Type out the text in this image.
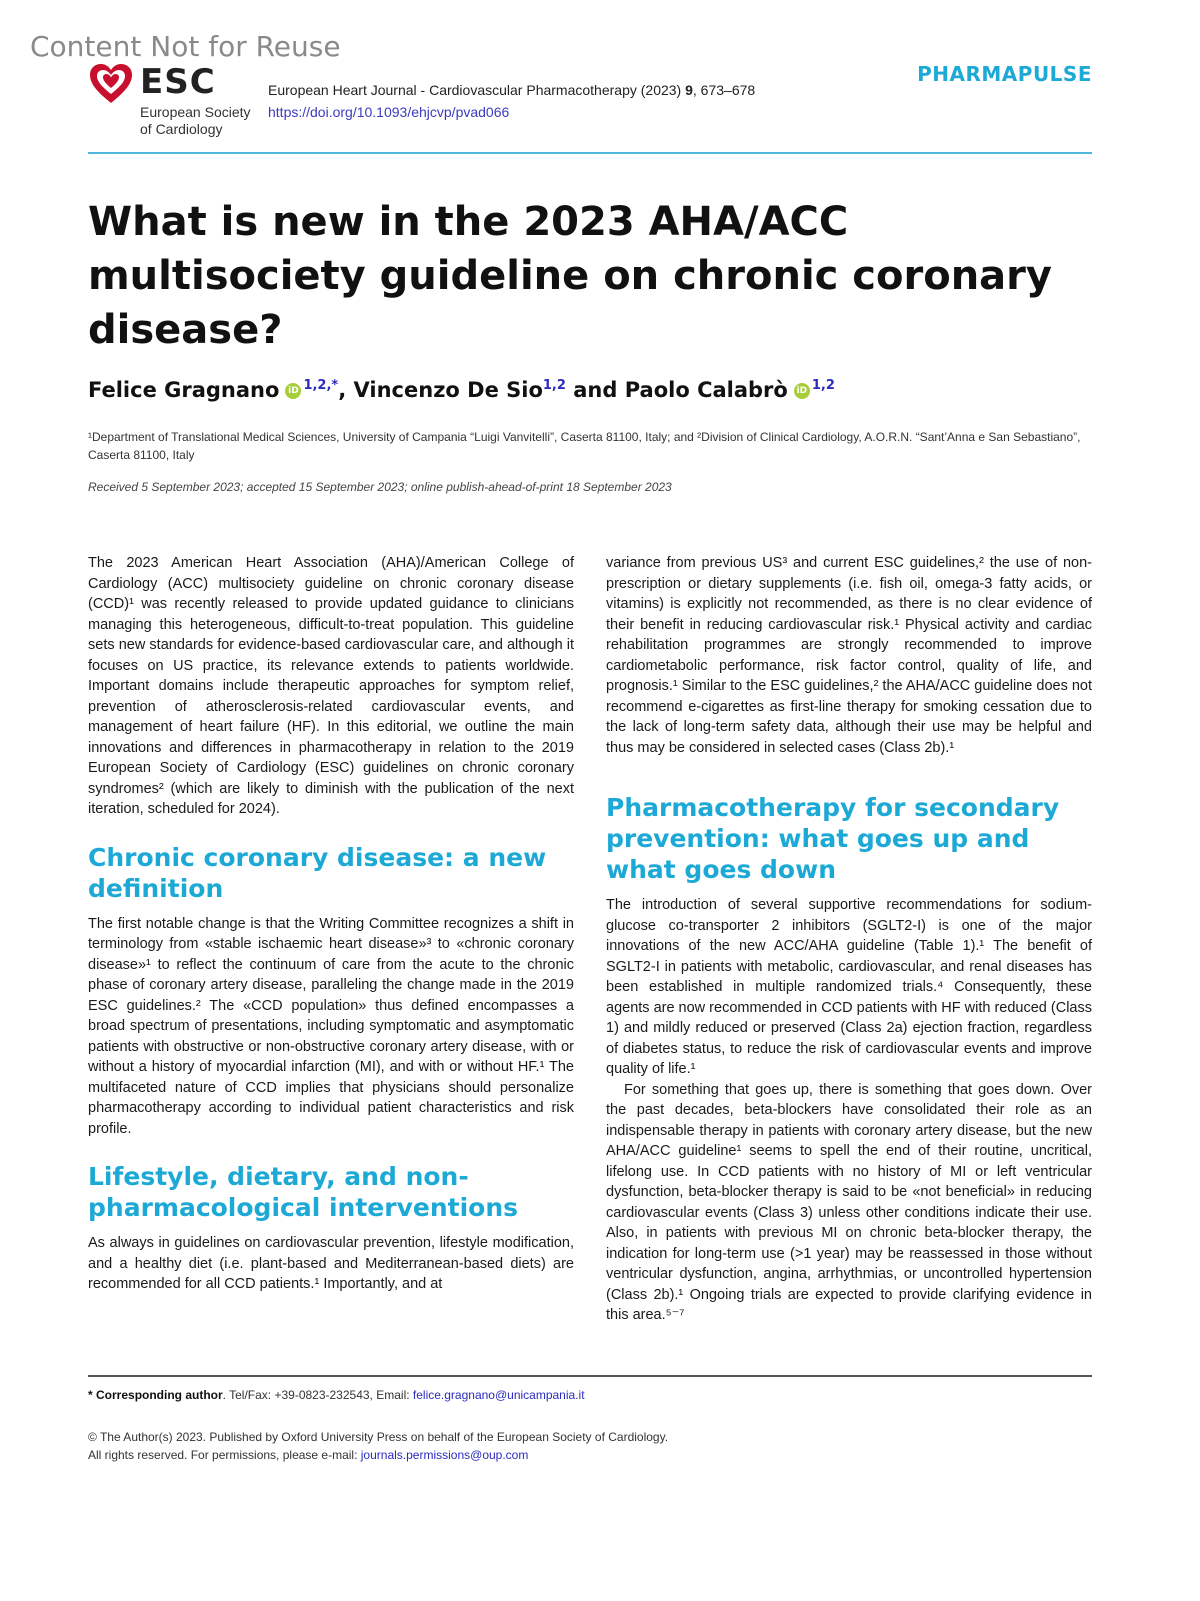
Content Not for Reuse
ESC
European Society
of Cardiology
European Heart Journal - Cardiovascular Pharmacotherapy (2023) 9, 673–678
https://doi.org/10.1093/ehjcvp/pvad066
PHARMAPULSE
What is new in the 2023 AHA/ACC multisociety guideline on chronic coronary disease?
Felice Gragnano iD $^{1,2,*}$, Vincenzo De Sio$^{1,2}$ and Paolo Calabrò iD $^{1,2}$
¹Department of Translational Medical Sciences, University of Campania “Luigi Vanvitelli”, Caserta 81100, Italy; and ²Division of Clinical Cardiology, A.O.R.N. “Sant’Anna e San Sebastiano”, Caserta 81100, Italy
Received 5 September 2023; accepted 15 September 2023; online publish-ahead-of-print 18 September 2023

The 2023 American Heart Association (AHA)/American College of Cardiology (ACC) multisociety guideline on chronic coronary disease (CCD)¹ was recently released to provide updated guidance to clinicians managing this heterogeneous, difficult-to-treat population. This guideline sets new standards for evidence-based cardiovascular care, and although it focuses on US practice, its relevance extends to patients worldwide. Important domains include therapeutic approaches for symptom relief, prevention of atherosclerosis-related cardiovascular events, and management of heart failure (HF). In this editorial, we outline the main innovations and differences in pharmacotherapy in relation to the 2019 European Society of Cardiology (ESC) guidelines on chronic coronary syndromes² (which are likely to diminish with the publication of the next iteration, scheduled for 2024).

Chronic coronary disease: a new definition

The first notable change is that the Writing Committee recognizes a shift in terminology from «stable ischaemic heart disease»³ to «chronic coronary disease»¹ to reflect the continuum of care from the acute to the chronic phase of coronary artery disease, paralleling the change made in the 2019 ESC guidelines.² The «CCD population» thus defined encompasses a broad spectrum of presentations, including symptomatic and asymptomatic patients with obstructive or non-obstructive coronary artery disease, with or without a history of myocardial infarction (MI), and with or without HF.¹ The multifaceted nature of CCD implies that physicians should personalize pharmacotherapy according to individual patient characteristics and risk profile.

Lifestyle, dietary, and non-pharmacological interventions

As always in guidelines on cardiovascular prevention, lifestyle modification, and a healthy diet (i.e. plant-based and Mediterranean-based diets) are recommended for all CCD patients.¹ Importantly, and at

variance from previous US³ and current ESC guidelines,² the use of non-prescription or dietary supplements (i.e. fish oil, omega-3 fatty acids, or vitamins) is explicitly not recommended, as there is no clear evidence of their benefit in reducing cardiovascular risk.¹ Physical activity and cardiac rehabilitation programmes are strongly recommended to improve cardiometabolic performance, risk factor control, quality of life, and prognosis.¹ Similar to the ESC guidelines,² the AHA/ACC guideline does not recommend e-cigarettes as first-line therapy for smoking cessation due to the lack of long-term safety data, although their use may be helpful and thus may be considered in selected cases (Class 2b).¹

Pharmacotherapy for secondary prevention: what goes up and what goes down

The introduction of several supportive recommendations for sodium-glucose co-transporter 2 inhibitors (SGLT2-I) is one of the major innovations of the new ACC/AHA guideline (Table 1).¹ The benefit of SGLT2-I in patients with metabolic, cardiovascular, and renal diseases has been established in multiple randomized trials.⁴ Consequently, these agents are now recommended in CCD patients with HF with reduced (Class 1) and mildly reduced or preserved (Class 2a) ejection fraction, regardless of diabetes status, to reduce the risk of cardiovascular events and improve quality of life.¹

For something that goes up, there is something that goes down. Over the past decades, beta-blockers have consolidated their role as an indispensable therapy in patients with coronary artery disease, but the new AHA/ACC guideline¹ seems to spell the end of their routine, uncritical, lifelong use. In CCD patients with no history of MI or left ventricular dysfunction, beta-blocker therapy is said to be «not beneficial» in reducing cardiovascular events (Class 3) unless other conditions indicate their use. Also, in patients with previous MI on chronic beta-blocker therapy, the indication for long-term use (>1 year) may be reassessed in those without ventricular dysfunction, angina, arrhythmias, or uncontrolled hypertension (Class 2b).¹ Ongoing trials are expected to provide clarifying evidence in this area.⁵⁻⁷

* Corresponding author. Tel/Fax: +39-0823-232543, Email: felice.gragnano@unicampania.it
© The Author(s) 2023. Published by Oxford University Press on behalf of the European Society of Cardiology.
All rights reserved. For permissions, please e-mail: journals.permissions@oup.com
